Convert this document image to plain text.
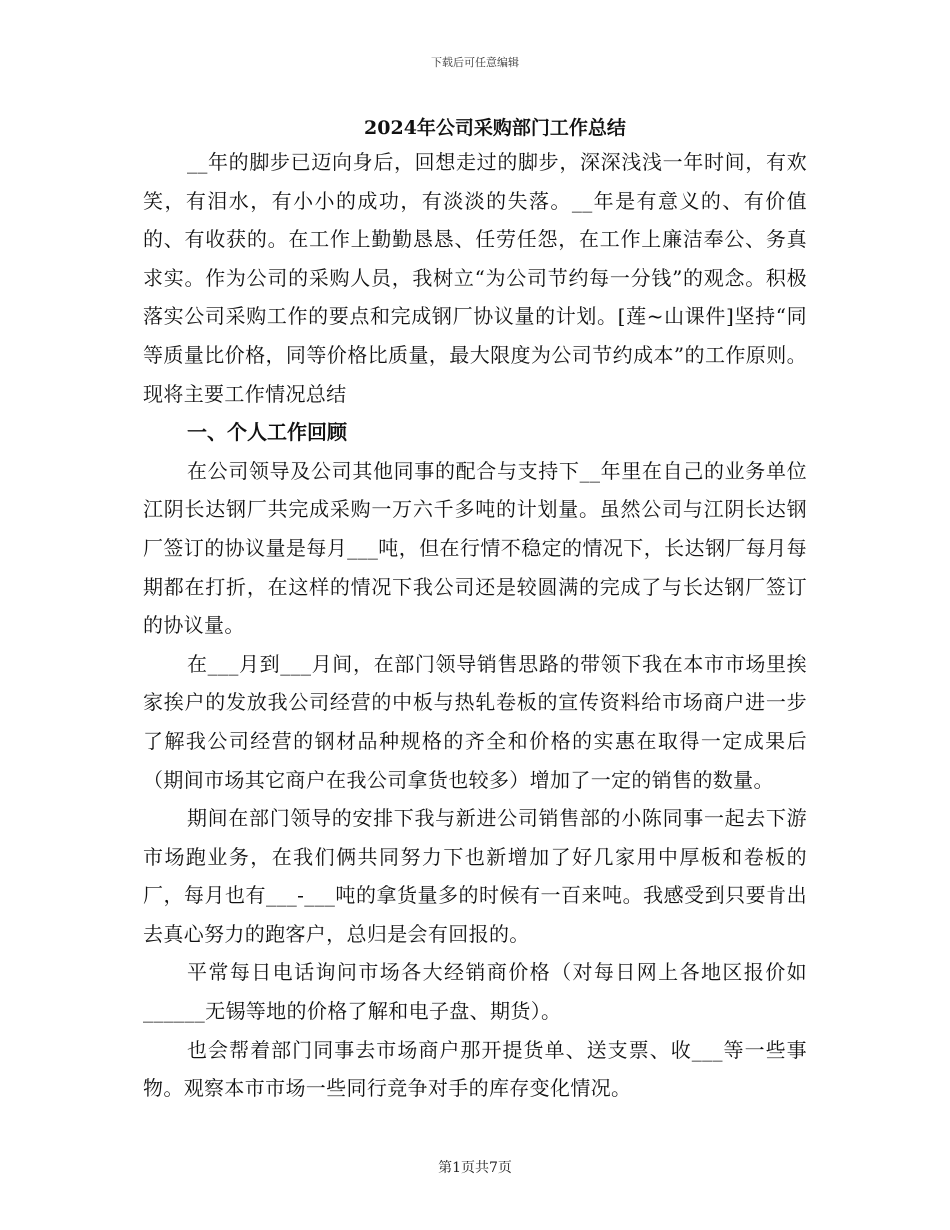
下载后可任意编辑
2024年公司采购部门工作总结

__年的脚步已迈向身后，回想走过的脚步，深深浅浅一年时间，有欢笑，有泪水，有小小的成功，有淡淡的失落。__年是有意义的、有价值的、有收获的。在工作上勤勤恳恳、任劳任怨，在工作上廉洁奉公、务真求实。作为公司的采购人员，我树立“为公司节约每一分钱”的观念。积极落实公司采购工作的要点和完成钢厂协议量的计划。[莲~山课件]坚持“同等质量比价格，同等价格比质量，最大限度为公司节约成本”的工作原则。现将主要工作情况总结

一、个人工作回顾

在公司领导及公司其他同事的配合与支持下__年里在自己的业务单位江阴长达钢厂共完成采购一万六千多吨的计划量。虽然公司与江阴长达钢厂签订的协议量是每月___吨，但在行情不稳定的情况下，长达钢厂每月每期都在打折，在这样的情况下我公司还是较圆满的完成了与长达钢厂签订的协议量。

在___月到___月间，在部门领导销售思路的带领下我在本市市场里挨家挨户的发放我公司经营的中板与热轧卷板的宣传资料给市场商户进一步了解我公司经营的钢材品种规格的齐全和价格的实惠在取得一定成果后（期间市场其它商户在我公司拿货也较多）增加了一定的销售的数量。

期间在部门领导的安排下我与新进公司销售部的小陈同事一起去下游市场跑业务，在我们俩共同努力下也新增加了好几家用中厚板和卷板的厂，每月也有___-___吨的拿货量多的时候有一百来吨。我感受到只要肯出去真心努力的跑客户，总归是会有回报的。

平常每日电话询问市场各大经销商价格（对每日网上各地区报价如______无锡等地的价格了解和电子盘、期货）。

也会帮着部门同事去市场商户那开提货单、送支票、收___等一些事物。观察本市市场一些同行竞争对手的库存变化情况。

第1页共7页
